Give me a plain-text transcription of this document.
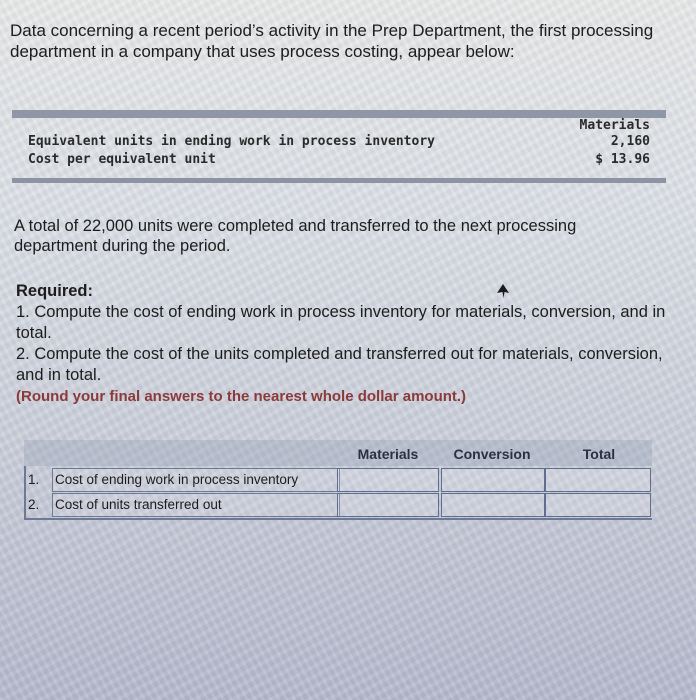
Data concerning a recent period’s activity in the Prep Department, the first processing department in a company that uses process costing, appear below:
Materials
Equivalent units in ending work in process inventory	2,160
Cost per equivalent unit	$ 13.96
A total of 22,000 units were completed and transferred to the next processing department during the period.
Required:
1. Compute the cost of ending work in process inventory for materials, conversion, and in total.
2. Compute the cost of the units completed and transferred out for materials, conversion, and in total.
(Round your final answers to the nearest whole dollar amount.)
Materials	Conversion	Total
1. Cost of ending work in process inventory
2. Cost of units transferred out
